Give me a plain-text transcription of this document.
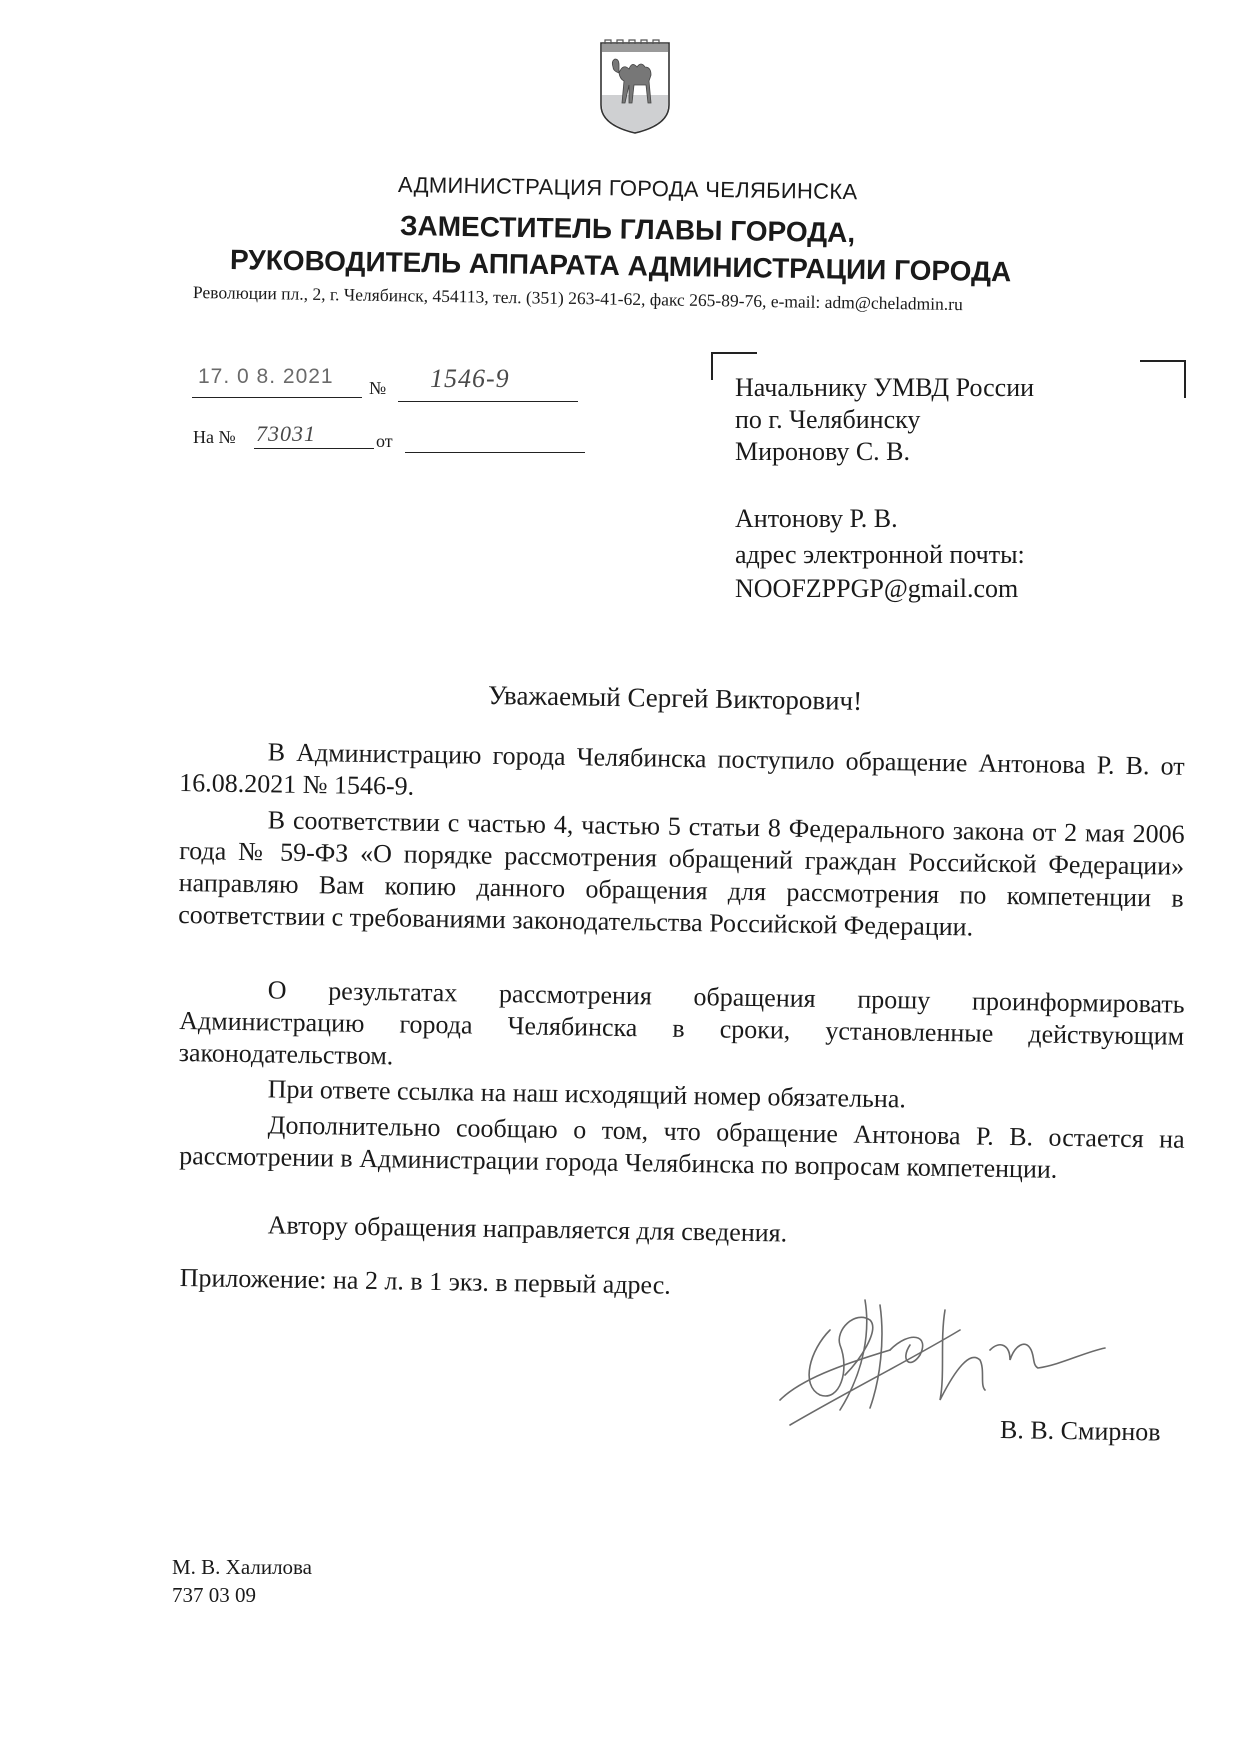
АДМИНИСТРАЦИЯ ГОРОДА ЧЕЛЯБИНСКА
ЗАМЕСТИТЕЛЬ ГЛАВЫ ГОРОДА,
РУКОВОДИТЕЛЬ АППАРАТА АДМИНИСТРАЦИИ ГОРОДА
Революции пл., 2, г. Челябинск, 454113, тел. (351) 263-41-62, факс 265-89-76, e-mail: adm@cheladmin.ru
17. 0 8. 2021 № 1546-9
На № 73031	от
Начальнику УМВД России
по г. Челябинску
Миронову С. В.
Антонову Р. В.
адрес электронной почты:
NOOFZPPGP@gmail.com
Уважаемый Сергей Викторович!
В Администрацию города Челябинска поступило обращение Антонова Р. В. от 16.08.2021 № 1546-9.
В соответствии с частью 4, частью 5 статьи 8 Федерального закона от 2 мая 2006 года № 59-ФЗ «О порядке рассмотрения обращений граждан Российской Федерации» направляю Вам копию данного обращения для рассмотрения по компетенции в соответствии с требованиями законодательства Российской Федерации.
О результатах рассмотрения обращения прошу проинформировать Администрацию города Челябинска в сроки, установленные действующим законодательством.
При ответе ссылка на наш исходящий номер обязательна.
Дополнительно сообщаю о том, что обращение Антонова Р. В. остается на рассмотрении в Администрации города Челябинска по вопросам компетенции.
Автору обращения направляется для сведения.
Приложение: на 2 л. в 1 экз. в первый адрес.
В. В. Смирнов
М. В. Халилова
737 03 09
